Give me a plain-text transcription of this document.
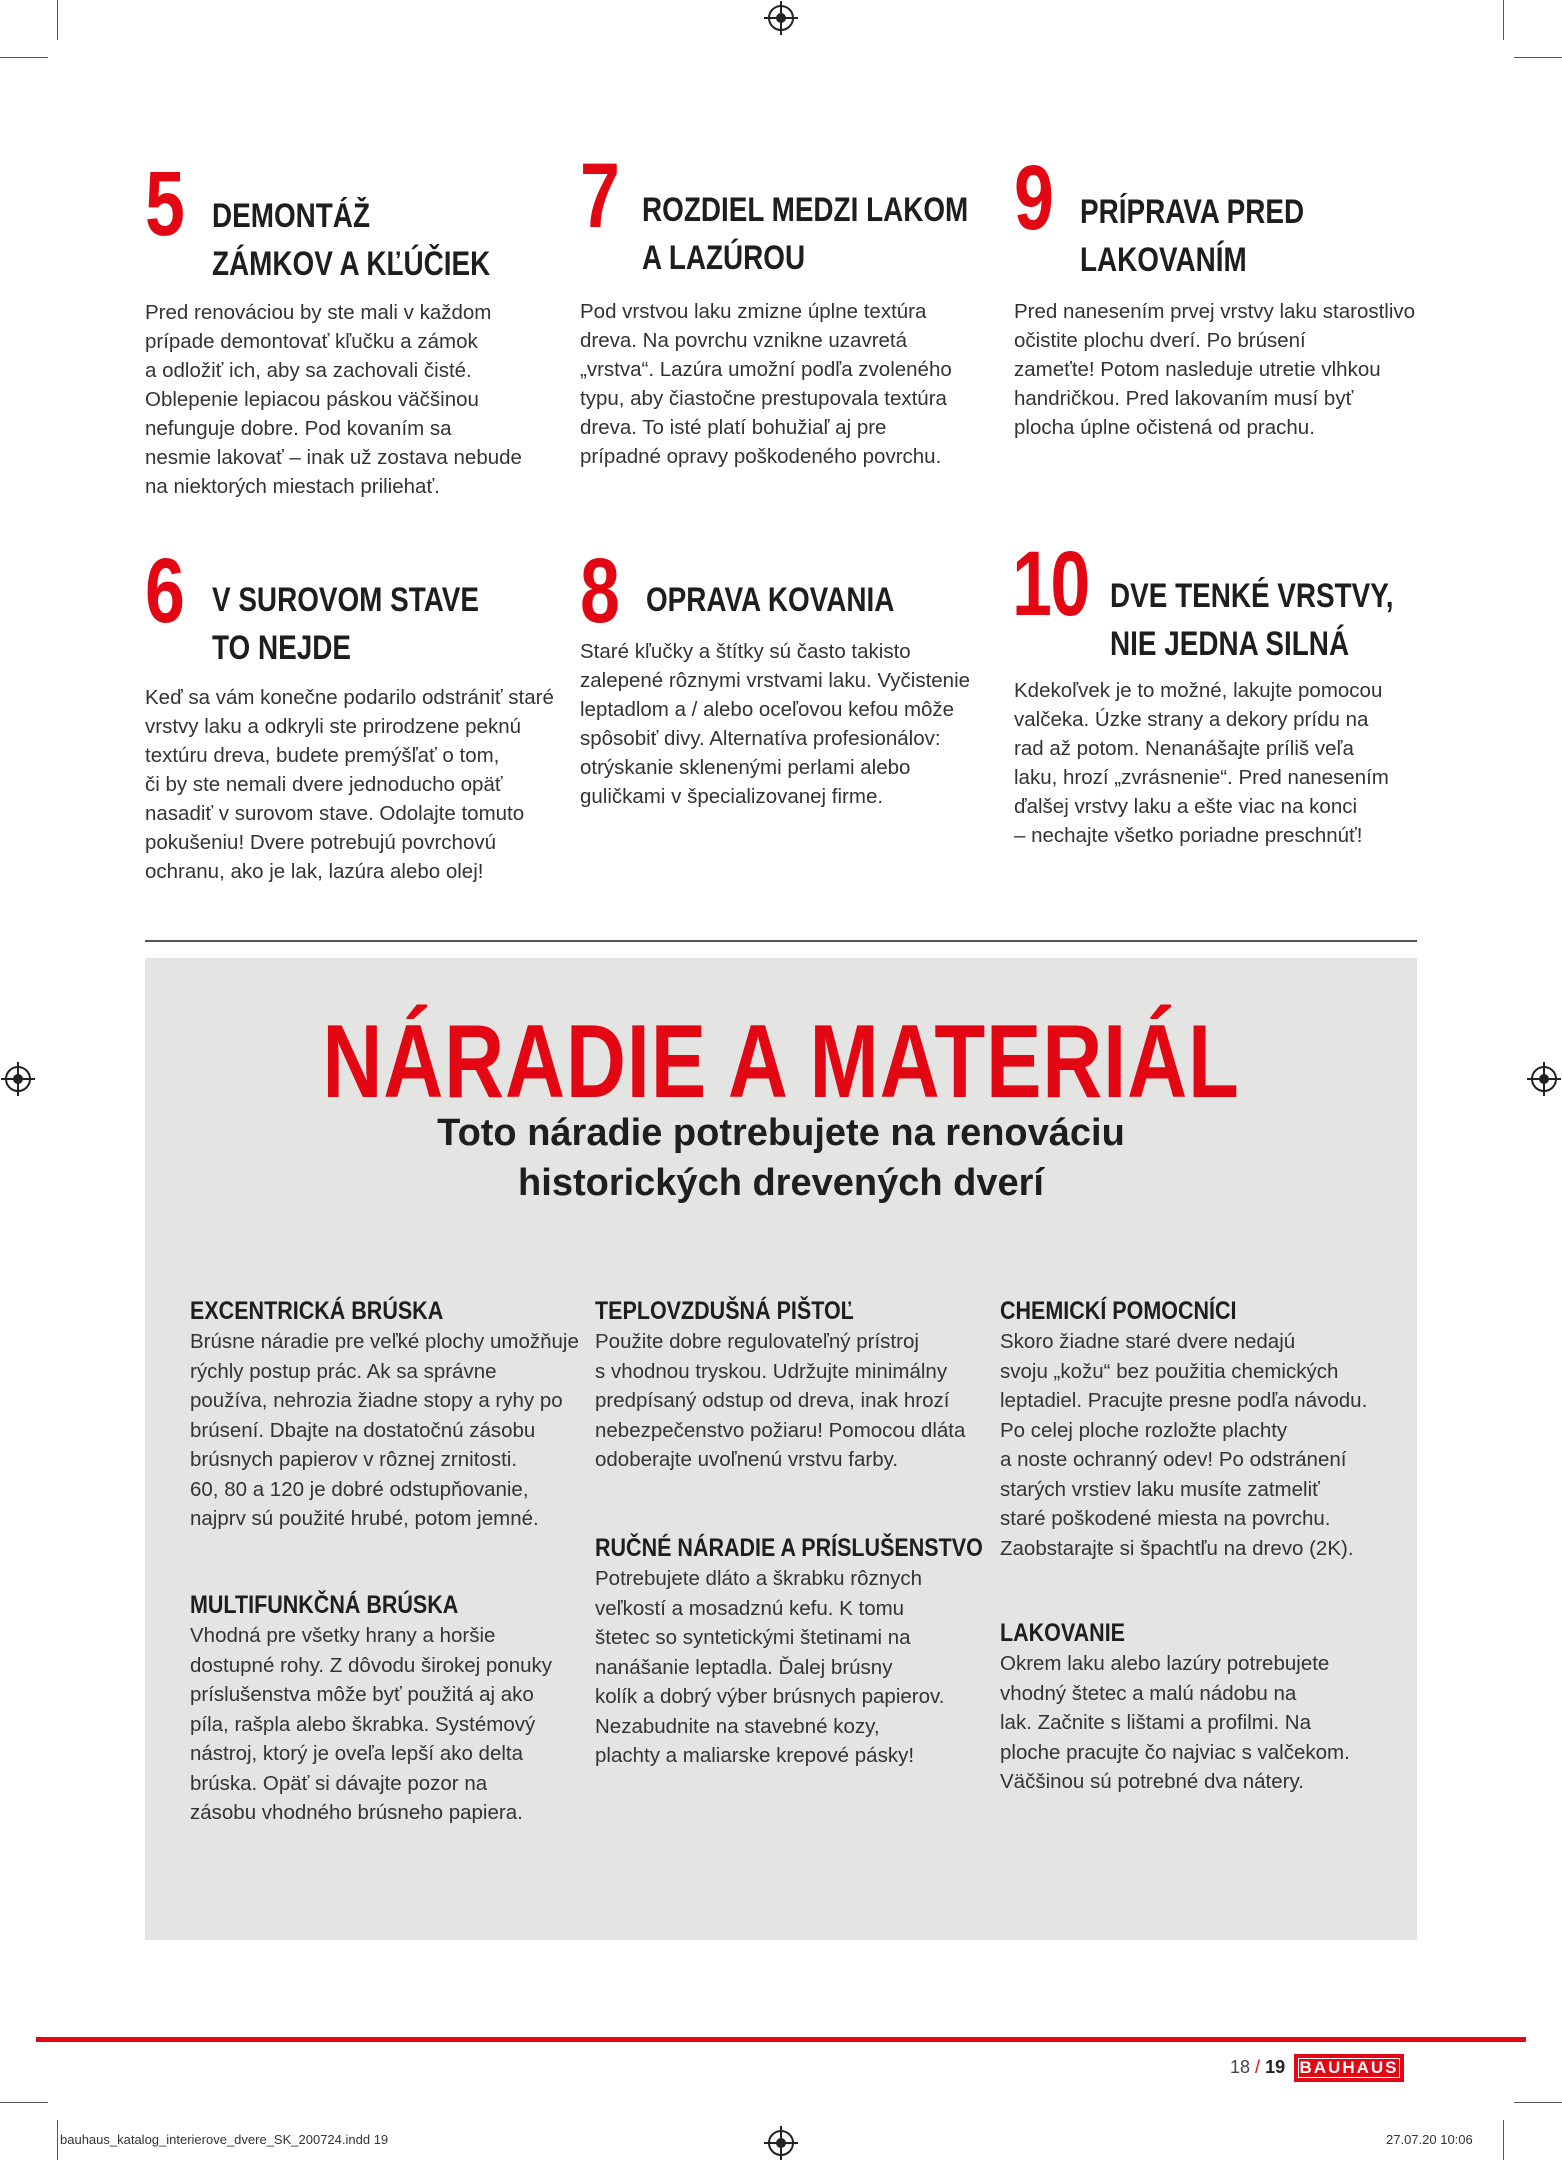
5 DEMONTÁŽ
ZÁMKOV A KĽÚČIEK
Pred renováciou by ste mali v každom
prípade demontovať kľučku a zámok
a odložiť ich, aby sa zachovali čisté.
Oblepenie lepiacou páskou väčšinou
nefunguje dobre. Pod kovaním sa
nesmie lakovať – inak už zostava nebude
na niektorých miestach priliehať.
7 ROZDIEL MEDZI LAKOM
A LAZÚROU
Pod vrstvou laku zmizne úplne textúra
dreva. Na povrchu vznikne uzavretá
„vrstva“. Lazúra umožní podľa zvoleného
typu, aby čiastočne prestupovala textúra
dreva. To isté platí bohužiaľ aj pre
prípadné opravy poškodeného povrchu.
9 PRÍPRAVA PRED
LAKOVANÍM
Pred nanesením prvej vrstvy laku starostlivo
očistite plochu dverí. Po brúsení
zameťte! Potom nasleduje utretie vlhkou
handričkou. Pred lakovaním musí byť
plocha úplne očistená od prachu.
6 V SUROVOM STAVE
TO NEJDE
Keď sa vám konečne podarilo odstrániť staré
vrstvy laku a odkryli ste prirodzene peknú
textúru dreva, budete premýšľať o tom,
či by ste nemali dvere jednoducho opäť
nasadiť v surovom stave. Odolajte tomuto
pokušeniu! Dvere potrebujú povrchovú
ochranu, ako je lak, lazúra alebo olej!
8 OPRAVA KOVANIA
Staré kľučky a štítky sú často takisto
zalepené rôznymi vrstvami laku. Vyčistenie
leptadlom a / alebo oceľovou kefou môže
spôsobiť divy. Alternatíva profesionálov:
otrýskanie sklenenými perlami alebo
guličkami v špecializovanej firme.
10 DVE TENKÉ VRSTVY,
NIE JEDNA SILNÁ
Kdekoľvek je to možné, lakujte pomocou
valčeka. Úzke strany a dekory prídu na
rad až potom. Nenanášajte príliš veľa
laku, hrozí „zvrásnenie“. Pred nanesením
ďalšej vrstvy laku a ešte viac na konci
– nechajte všetko poriadne preschnúť!
NÁRADIE A MATERIÁL
Toto náradie potrebujete na renováciu
historických drevených dverí
EXCENTRICKÁ BRÚSKA
Brúsne náradie pre veľké plochy umožňuje
rýchly postup prác. Ak sa správne
používa, nehrozia žiadne stopy a ryhy po
brúsení. Dbajte na dostatočnú zásobu
brúsnych papierov v rôznej zrnitosti.
60, 80 a 120 je dobré odstupňovanie,
najprv sú použité hrubé, potom jemné.
MULTIFUNKČNÁ BRÚSKA
Vhodná pre všetky hrany a horšie
dostupné rohy. Z dôvodu širokej ponuky
príslušenstva môže byť použitá aj ako
píla, rašpla alebo škrabka. Systémový
nástroj, ktorý je oveľa lepší ako delta
brúska. Opäť si dávajte pozor na
zásobu vhodného brúsneho papiera.
TEPLOVZDUŠNÁ PIŠTOĽ
Použite dobre regulovateľný prístroj
s vhodnou tryskou. Udržujte minimálny
predpísaný odstup od dreva, inak hrozí
nebezpečenstvo požiaru! Pomocou dláta
odoberajte uvoľnenú vrstvu farby.
RUČNÉ NÁRADIE A PRÍSLUŠENSTVO
Potrebujete dláto a škrabku rôznych
veľkostí a mosadznú kefu. K tomu
štetec so syntetickými štetinami na
nanášanie leptadla. Ďalej brúsny
kolík a dobrý výber brúsnych papierov.
Nezabudnite na stavebné kozy,
plachty a maliarske krepové pásky!
CHEMICKÍ POMOCNÍCI
Skoro žiadne staré dvere nedajú
svoju „kožu“ bez použitia chemických
leptadiel. Pracujte presne podľa návodu.
Po celej ploche rozložte plachty
a noste ochranný odev! Po odstránení
starých vrstiev laku musíte zatmeliť
staré poškodené miesta na povrchu.
Zaobstarajte si špachtľu na drevo (2K).
LAKOVANIE
Okrem laku alebo lazúry potrebujete
vhodný štetec a malú nádobu na
lak. Začnite s lištami a profilmi. Na
ploche pracujte čo najviac s valčekom.
Väčšinou sú potrebné dva nátery.
18 / 19 BAUHAUS
bauhaus_katalog_interierove_dvere_SK_200724.indd 19	27.07.20 10:06
